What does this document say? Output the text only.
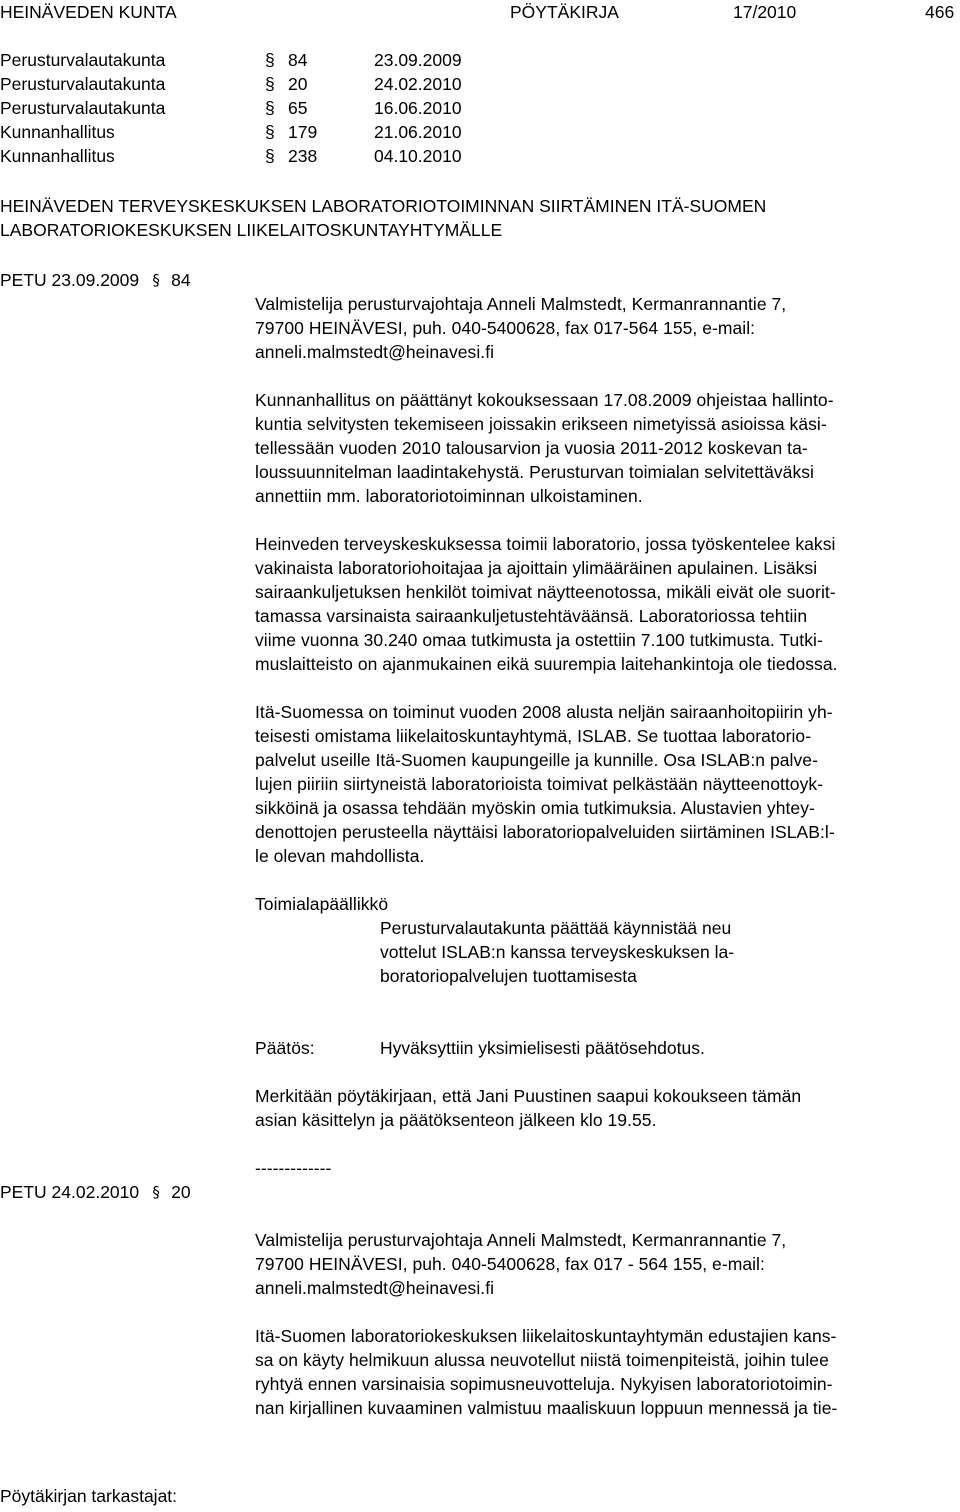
HEINÄVEDEN KUNTA	PÖYTÄKIRJA	17/2010	466
Perusturvalautakunta	§ 84	23.09.2009
Perusturvalautakunta	§ 20	24.02.2010
Perusturvalautakunta	§ 65	16.06.2010
Kunnanhallitus	§ 179	21.06.2010
Kunnanhallitus	§ 238	04.10.2010
HEINÄVEDEN TERVEYSKESKUKSEN LABORATORIOTOIMINNAN SIIRTÄMINEN ITÄ-SUOMEN
LABORATORIOKESKUKSEN LIIKELAITOSKUNTAYHTYMÄLLE
PETU 23.09.2009 § 84
Valmistelija perusturvajohtaja Anneli Malmstedt, Kermanrannantie 7,
79700 HEINÄVESI, puh. 040-5400628, fax 017-564 155, e-mail:
anneli.malmstedt@heinavesi.fi
Kunnanhallitus on päättänyt kokouksessaan 17.08.2009 ohjeistaa hallinto-
kuntia selvitysten tekemiseen joissakin erikseen nimetyissä asioissa käsi-
tellessään vuoden 2010 talousarvion ja vuosia 2011-2012 koskevan ta-
loussuunnitelman laadintakehystä. Perusturvan toimialan selvitettäväksi
annettiin mm. laboratoriotoiminnan ulkoistaminen.
Heinveden terveyskeskuksessa toimii laboratorio, jossa työskentelee kaksi
vakinaista laboratoriohoitajaa ja ajoittain ylimääräinen apulainen. Lisäksi
sairaankuljetuksen henkilöt toimivat näytteenotossa, mikäli eivät ole suorit-
tamassa varsinaista sairaankuljetustehtäväänsä. Laboratoriossa tehtiin
viime vuonna 30.240 omaa tutkimusta ja ostettiin 7.100 tutkimusta. Tutki-
muslaitteisto on ajanmukainen eikä suurempia laitehankintoja ole tiedossa.
Itä-Suomessa on toiminut vuoden 2008 alusta neljän sairaanhoitopiirin yh-
teisesti omistama liikelaitoskuntayhtymä, ISLAB. Se tuottaa laboratorio-
palvelut useille Itä-Suomen kaupungeille ja kunnille. Osa ISLAB:n palve-
lujen piiriin siirtyneistä laboratorioista toimivat pelkästään näytteenottoyk-
sikköinä ja osassa tehdään myöskin omia tutkimuksia. Alustavien yhtey-
denottojen perusteella näyttäisi laboratoriopalveluiden siirtäminen ISLAB:l-
le olevan mahdollista.
Toimialapäällikkö
Perusturvalautakunta päättää käynnistää neu
vottelut ISLAB:n kanssa terveyskeskuksen la-
boratoriopalvelujen tuottamisesta
Päätös:	Hyväksyttiin yksimielisesti päätösehdotus.
Merkitään pöytäkirjaan, että Jani Puustinen saapui kokoukseen tämän
asian käsittelyn ja päätöksenteon jälkeen klo 19.55.
-------------
PETU 24.02.2010 § 20
Valmistelija perusturvajohtaja Anneli Malmstedt, Kermanrannantie 7,
79700 HEINÄVESI, puh. 040-5400628, fax 017 - 564 155, e-mail:
anneli.malmstedt@heinavesi.fi
Itä-Suomen laboratoriokeskuksen liikelaitoskuntayhtymän edustajien kans-
sa on käyty helmikuun alussa neuvotellut niistä toimenpiteistä, joihin tulee
ryhtyä ennen varsinaisia sopimusneuvotteluja. Nykyisen laboratoriotoimin-
nan kirjallinen kuvaaminen valmistuu maaliskuun loppuun mennessä ja tie-
Pöytäkirjan tarkastajat:
